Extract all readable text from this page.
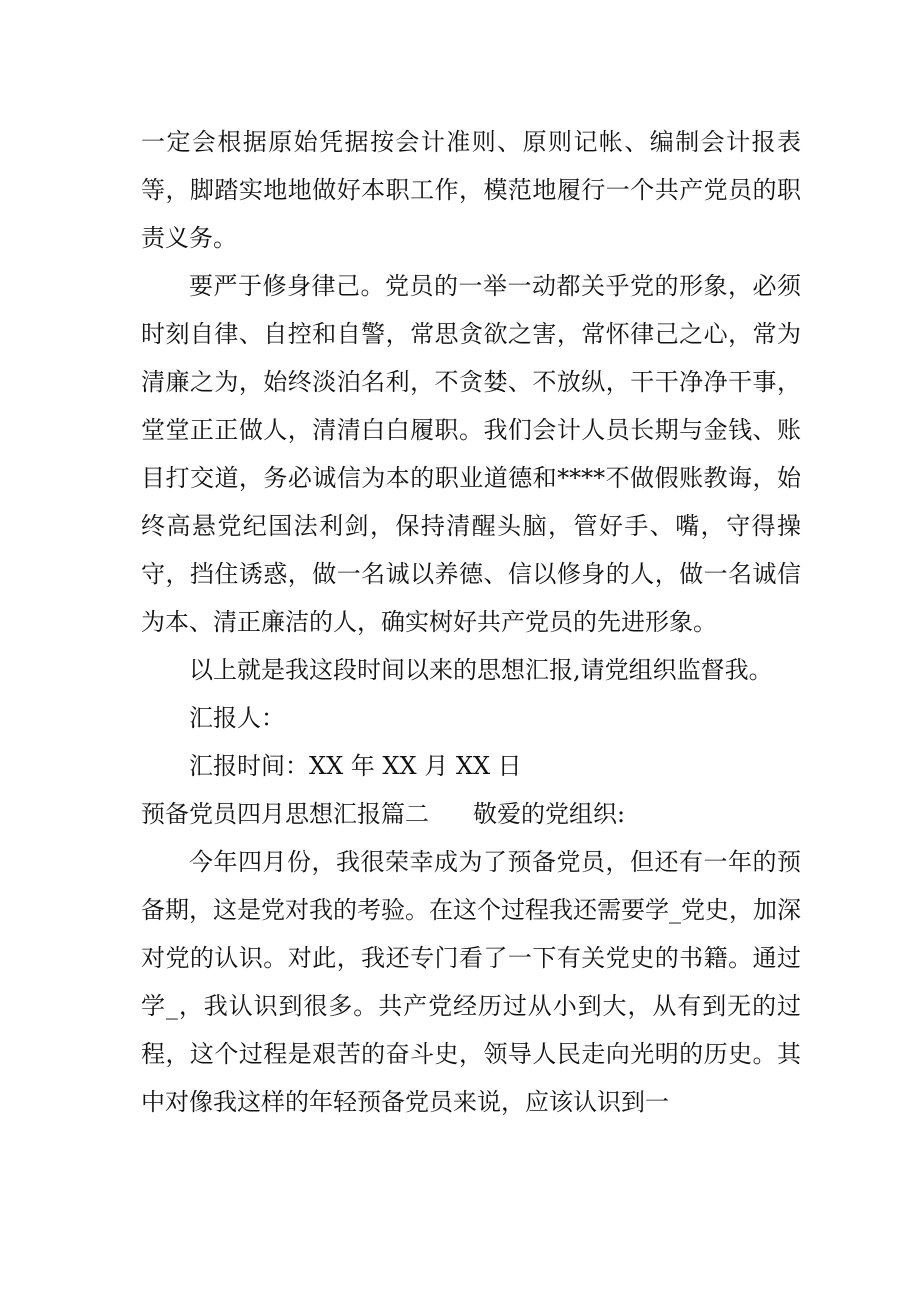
一定会根据原始凭据按会计准则、原则记帐、编制会计报表等，脚踏实地地做好本职工作，模范地履行一个共产党员的职责义务。

要严于修身律己。党员的一举一动都关乎党的形象，必须时刻自律、自控和自警，常思贪欲之害，常怀律己之心，常为清廉之为，始终淡泊名利，不贪婪、不放纵，干干净净干事，堂堂正正做人，清清白白履职。我们会计人员长期与金钱、账目打交道，务必诚信为本的职业道德和****不做假账教诲，始终高悬党纪国法利剑，保持清醒头脑，管好手、嘴，守得操守，挡住诱惑，做一名诚以养德、信以修身的人，做一名诚信为本、清正廉洁的人，确实树好共产党员的先进形象。

以上就是我这段时间以来的思想汇报,请党组织监督我。

汇报人：

汇报时间：XX 年 XX 月 XX 日

预备党员四月思想汇报篇二 敬爱的党组织:

今年四月份，我很荣幸成为了预备党员，但还有一年的预备期，这是党对我的考验。在这个过程我还需要学_党史，加深对党的认识。对此，我还专门看了一下有关党史的书籍。通过学_，我认识到很多。共产党经历过从小到大，从有到无的过程，这个过程是艰苦的奋斗史，领导人民走向光明的历史。其中对像我这样的年轻预备党员来说，应该认识到一
